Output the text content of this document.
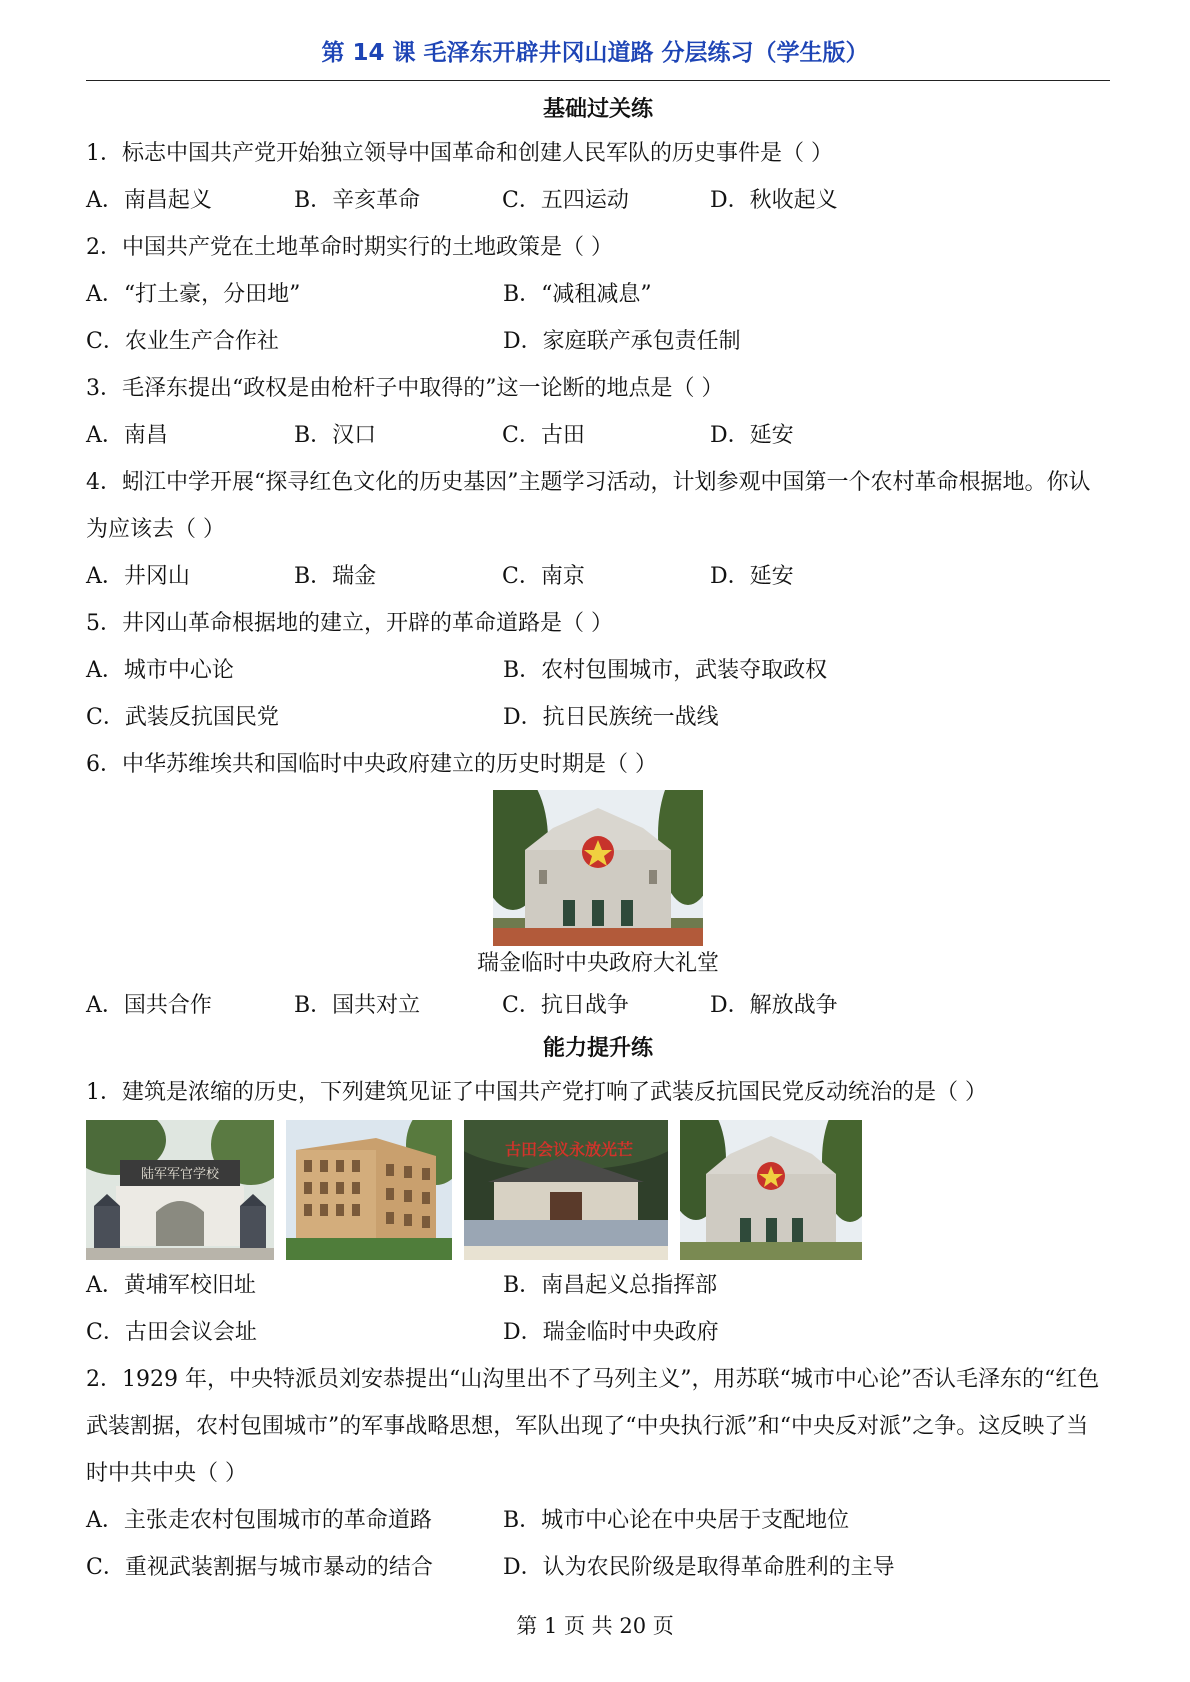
第 14 课 毛泽东开辟井冈山道路 分层练习（学生版）
基础过关练
1．标志中国共产党开始独立领导中国革命和创建人民军队的历史事件是（ ）
A．南昌起义	B．辛亥革命	C．五四运动	D．秋收起义
2．中国共产党在土地革命时期实行的土地政策是（ ）
A．“打土豪，分田地”	B．“减租减息”
C．农业生产合作社	D．家庭联产承包责任制
3．毛泽东提出“政权是由枪杆子中取得的”这一论断的地点是（ ）
A．南昌	B．汉口	C．古田	D．延安
4．蚓江中学开展“探寻红色文化的历史基因”主题学习活动，计划参观中国第一个农村革命根据地。你认为应该去（ ）
A．井冈山	B．瑞金	C．南京	D．延安
5．井冈山革命根据地的建立，开辟的革命道路是（ ）
A．城市中心论	B．农村包围城市，武装夺取政权
C．武装反抗国民党	D．抗日民族统一战线
6．中华苏维埃共和国临时中央政府建立的历史时期是（ ）
瑞金临时中央政府大礼堂
A．国共合作	B．国共对立	C．抗日战争	D．解放战争
能力提升练
1．建筑是浓缩的历史，下列建筑见证了中国共产党打响了武装反抗国民党反动统治的是（ ）
陆军军官学校
古田会议永放光芒
A．黄埔军校旧址	B．南昌起义总指挥部
C．古田会议会址	D．瑞金临时中央政府
2．1929 年，中央特派员刘安恭提出“山沟里出不了马列主义”，用苏联“城市中心论”否认毛泽东的“红色武装割据，农村包围城市”的军事战略思想，军队出现了“中央执行派”和“中央反对派”之争。这反映了当时中共中央（ ）
A．主张走农村包围城市的革命道路	B．城市中心论在中央居于支配地位
C．重视武装割据与城市暴动的结合	D．认为农民阶级是取得革命胜利的主导
第 1 页 共 20 页
